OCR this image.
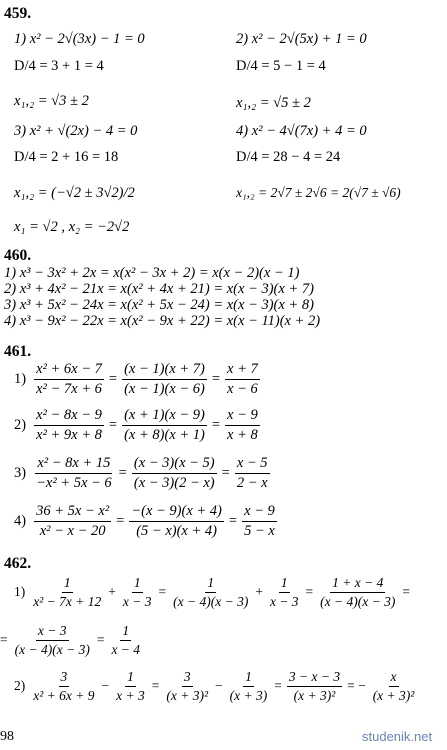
459.
1) x² − 2√(3x) − 1 = 0	2) x² − 2√(5x) + 1 = 0
D/4 = 3 + 1 = 4	D/4 = 5 − 1 = 4
x₁,₂ = √3 ± 2	x₁,₂ = √5 ± 2
3) x² + √(2x) − 4 = 0	4) x² − 4√(7x) + 4 = 0
D/4 = 2 + 16 = 18	D/4 = 28 − 4 = 24
x₁,₂ = (−√2 ± 3√2)/2	x₁,₂ = 2√7 ± 2√6 = 2(√7 ± √6)
x₁ = √2 , x₂ = −2√2
460.
1) x³ − 3x² + 2x = x(x² − 3x + 2) = x(x − 2)(x − 1)
2) x³ + 4x² − 21x = x(x² + 4x + 21) = x(x − 3)(x + 7)
3) x³ + 5x² − 24x = x(x² + 5x − 24) = x(x − 3)(x + 8)
4) x³ − 9x² − 22x = x(x² − 9x + 22) = x(x − 11)(x + 2)
461.
$1) \frac{\text{x² + 6x − 7}}{\text{x² − 7x + 6}} = \frac{(x - 1)(x + 7)}{(x - 1)(x - 6)} = \frac{x + 7}{x - 6}$
$2) \frac{\text{x² − 8x − 9}}{\text{x² + 9x + 8}} = \frac{(x + 1)(x - 9)}{(x + 8)(x + 1)} = \frac{x - 9}{x + 8}$
$3) \frac{\text{x² − 8x + 15}}{\text{−x² + 5x − 6}} = \frac{(x - 3)(x - 5)}{(x - 3)(2 - x)} = \frac{x - 5}{2 - x}$
$4) \frac{\text{36 + 5x − x²}}{\text{x² − x − 20}} = \frac{-(x - 9)(x + 4)}{(5 - x)(x + 4)} = \frac{x - 9}{5 - x}$
462.
$1) \frac{1}{\text{x² − 7x + 12}} + \frac{1}{x - 3} = \frac{1}{(x - 4)(x - 3)} + \frac{1}{x - 3} = \frac{1 + x - 4}{(x - 4)(x - 3)}$ =
= $\frac{x - 3}{(x - 4)(x - 3)} = \frac{1}{x - 4}$
$2) \frac{3}{\text{x² + 6x + 9}} - \frac{1}{x + 3} = \frac{3}{\text{(x + 3)²}} - \frac{1}{(x + 3)} = \frac{3 - x - 3}{\text{(x + 3)²}}$ = − $\frac{x}{\text{(x + 3)²}}$
98	studenik.net
